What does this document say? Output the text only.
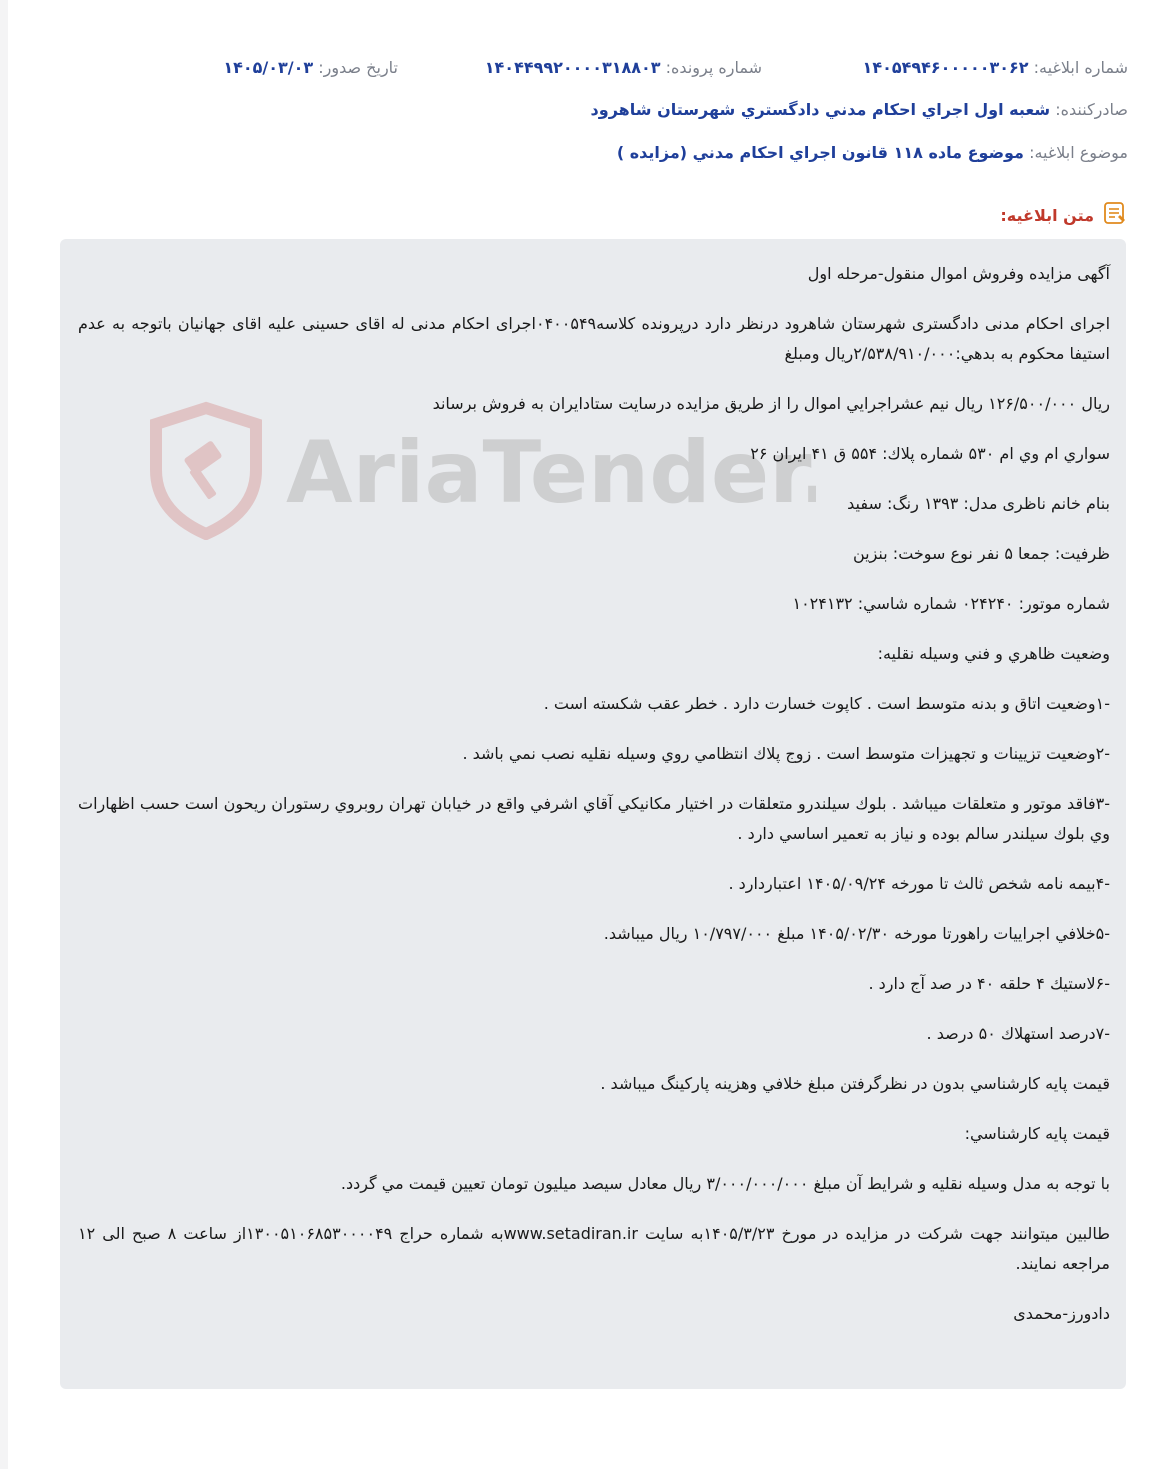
شماره ابلاغيه: ۱۴۰۵۴۹۴۶۰۰۰۰۰۳۰۶۲
شماره پرونده: ۱۴۰۴۴۹۹۲۰۰۰۰۳۱۸۸۰۳
تاريخ صدور: ۱۴۰۵/۰۳/۰۳
صادرکننده: شعبه اول اجراي احكام مدني دادگستري شهرستان شاهرود
موضوع ابلاغيه: موضوع ماده ۱۱۸ قانون اجراي احكام مدني (مزايده )
متن ابلاغيه:

آگهی مزایده وفروش اموال منقول-مرحله اول

اجرای احکام مدنی دادگستری شهرستان شاهرود درنظر دارد درپرونده کلاسه۰۴۰۰۵۴۹اجرای احکام مدنی له اقای حسینی علیه اقای جهانیان باتوجه به عدم استیفا محکوم به بدهي:۲/۵۳۸/۹۱۰/۰۰۰ريال ومبلغ

ريال ۱۲۶/۵۰۰/۰۰۰ ريال نيم عشراجرايي اموال را از طريق مزايده درسايت ستادايران به فروش برساند

سواري ام وي ام ۵۳۰ شماره پلاك: ۵۵۴ ق ۴۱ ايران ۲۶

بنام خانم ناظری مدل: ۱۳۹۳ رنگ: سفيد

ظرفيت: جمعا ۵ نفر نوع سوخت: بنزين

شماره موتور: ۰۲۴۲۴۰ شماره شاسي: ۱۰۲۴۱۳۲

وضعيت ظاهري و فني وسيله نقليه:

-۱وضعيت اتاق و بدنه متوسط است . كاپوت خسارت دارد . خطر عقب شكسته است .

-۲وضعيت تزيينات و تجهيزات متوسط است . زوج پلاك انتظامي روي وسيله نقليه نصب نمي باشد .

-۳فاقد موتور و متعلقات ميباشد . بلوك سيلندرو متعلقات در اختيار مكانيكي آقاي اشرفي واقع در خيابان تهران روبروي رستوران ريحون است حسب اظهارات وي بلوك سيلندر سالم بوده و نياز به تعمير اساسي دارد .

-۴بيمه نامه شخص ثالث تا مورخه ۱۴۰۵/۰۹/۲۴ اعتباردارد .

-۵خلافي اجراييات راهورتا مورخه ۱۴۰۵/۰۲/۳۰ مبلغ ۱۰/۷۹۷/۰۰۰ ريال ميباشد.

-۶لاستيك ۴ حلقه ۴۰ در صد آج دارد .

-۷درصد استهلاك ۵۰ درصد .

قيمت پايه كارشناسي بدون در نظرگرفتن مبلغ خلافي وهزينه پاركينگ ميباشد .

قيمت پايه كارشناسي:

با توجه به مدل وسيله نقليه و شرايط آن مبلغ ۳/۰۰۰/۰۰۰/۰۰۰ ريال معادل سيصد ميليون تومان تعيين قيمت مي گردد.

طالبين میتوانند جهت شرکت در مزایده در مورخ ۱۴۰۵/۳/۲۳به سایت www.setadiran.irبه شماره حراج ۱۳۰۰۵۱۰۶۸۵۳۰۰۰۰۴۹از ساعت ۸ صبح الی ۱۲ مراجعه نمایند.

دادورز-محمدی

AriaTender
